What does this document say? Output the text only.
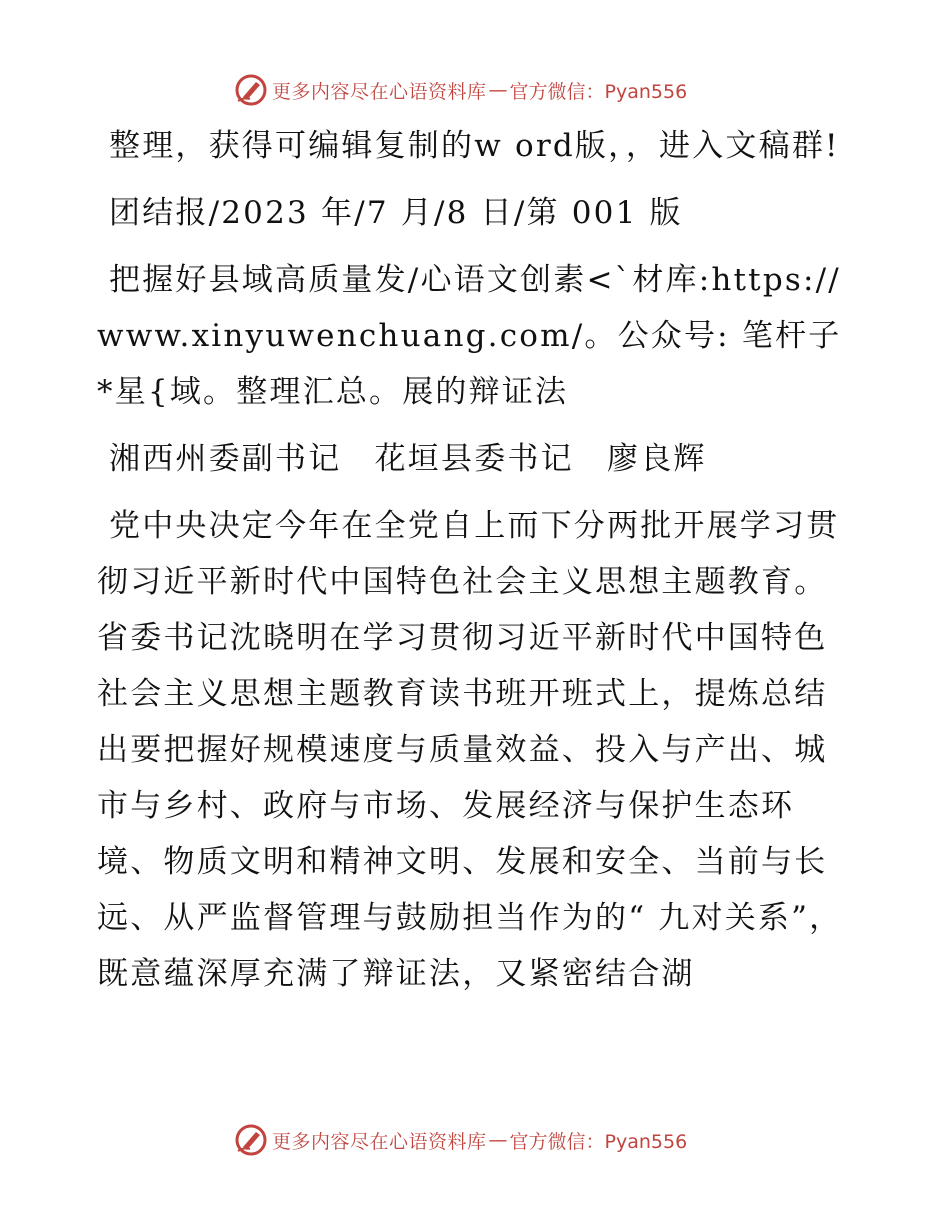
更多内容尽在心语资料库 — 官方微信：Pyan556

整理，获得可编辑复制的w ord版，，进入文稿群!

团结报/2023 年/7 月/8 日/第 001 版

把握好县域高质量发/心语文创素<`材库:https://www.xinyuwenchuang.com/。公众号: 笔杆子*星{域。整理汇总。展的辩证法

湘西州委副书记　花垣县委书记　廖良辉

党中央决定今年在全党自上而下分两批开展学习贯彻习近平新时代中国特色社会主义思想主题教育。省委书记沈晓明在学习贯彻习近平新时代中国特色社会主义思想主题教育读书班开班式上，提炼总结出要把握好规模速度与质量效益、投入与产出、城市与乡村、政府与市场、发展经济与保护生态环境、物质文明和精神文明、发展和安全、当前与长远、从严监督管理与鼓励担当作为的“ 九对关系”，既意蕴深厚充满了辩证法，又紧密结合湖

更多内容尽在心语资料库 — 官方微信：Pyan556
